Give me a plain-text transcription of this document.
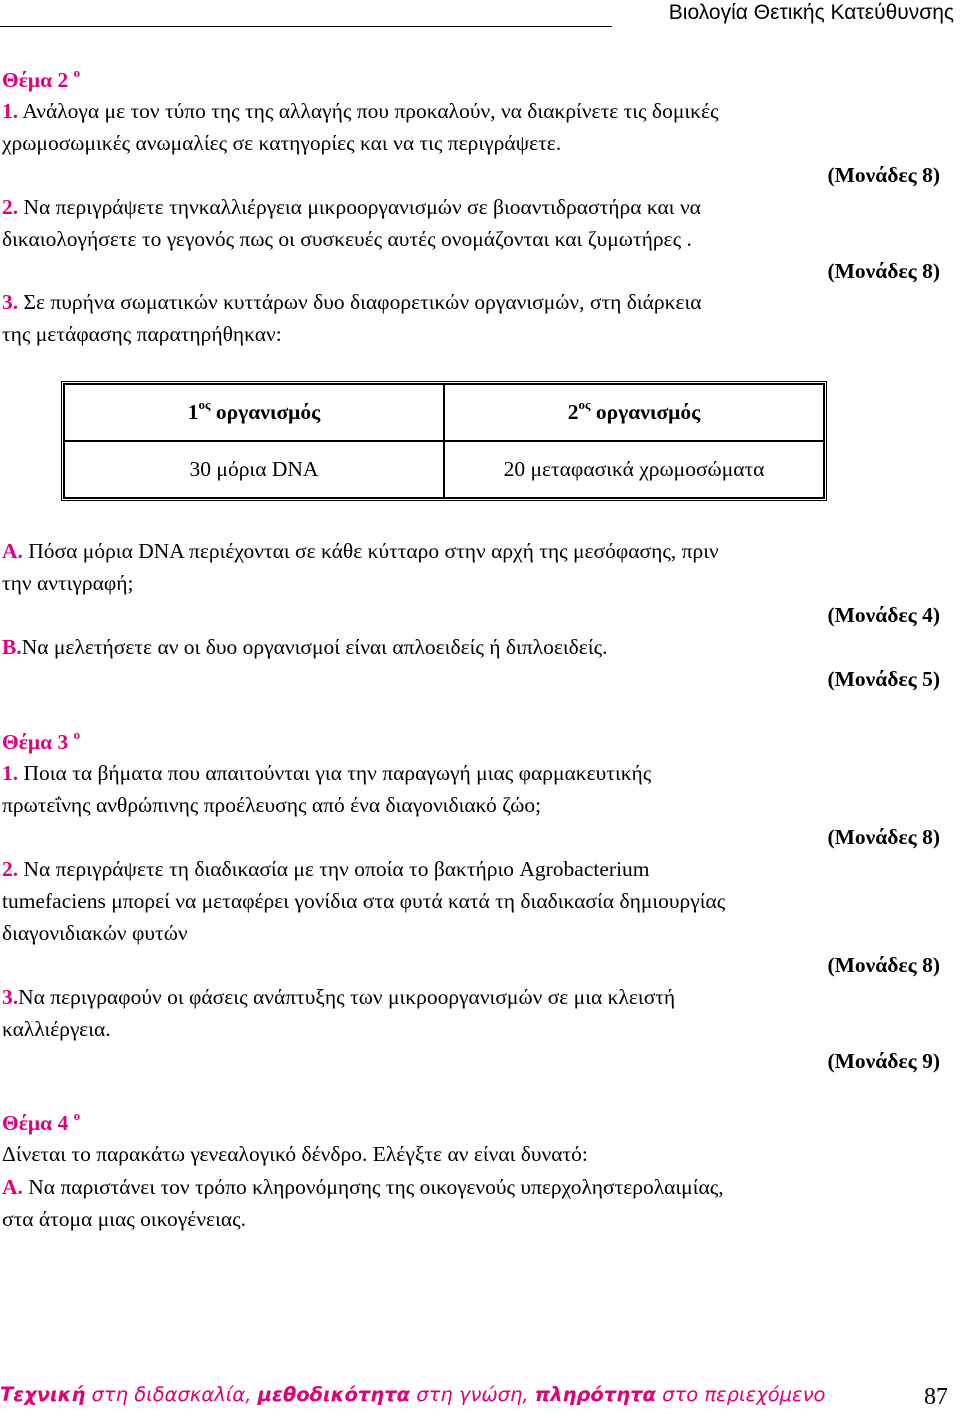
Βιολογία Θετικής Κατεύθυνσης
Θέμα 2 $^o$
1. Ανάλογα με τον τύπο της της αλλαγής που προκαλούν, να διακρίνετε τις δομικές
χρωμοσωμικές ανωμαλίες σε κατηγορίες και να τις περιγράψετε.
(Μονάδες 8)
2. Να περιγράψετε τηνκαλλιέργεια μικροοργανισμών σε βιοαντιδραστήρα και να
δικαιολογήσετε το γεγονός πως οι συσκευές αυτές ονομάζονται και ζυμωτήρες .
(Μονάδες 8)
3. Σε πυρήνα σωματικών κυττάρων δυο διαφορετικών οργανισμών, στη διάρκεια
της μετάφασης παρατηρήθηκαν:
$1^{o\varsigma}$ οργανισμός	$2^{o\varsigma}$ οργανισμός
30 μόρια DNA	20 μεταφασικά χρωμοσώματα
Α. Πόσα μόρια DNA περιέχονται σε κάθε κύτταρο στην αρχή της μεσόφασης, πριν
την αντιγραφή;
(Μονάδες 4)
Β.Να μελετήσετε αν οι δυο οργανισμοί είναι απλοειδείς ή διπλοειδείς.
(Μονάδες 5)
Θέμα 3 $^o$
1. Ποια τα βήματα που απαιτούνται για την παραγωγή μιας φαρμακευτικής
πρωτεΐνης ανθρώπινης προέλευσης από ένα διαγονιδιακό ζώο;
(Μονάδες 8)
2. Να περιγράψετε τη διαδικασία με την οποία το βακτήριο Agrobacterium
tumefaciens μπορεί να μεταφέρει γονίδια στα φυτά κατά τη διαδικασία δημιουργίας
διαγονιδιακών φυτών
(Μονάδες 8)
3.Να περιγραφούν οι φάσεις ανάπτυξης των μικροοργανισμών σε μια κλειστή
καλλιέργεια.
(Μονάδες 9)
Θέμα 4 $^o$
Δίνεται το παρακάτω γενεαλογικό δένδρο. Ελέγξτε αν είναι δυνατό:
Α. Να παριστάνει τον τρόπο κληρονόμησης της οικογενούς υπερχοληστερολαιμίας,
στα άτομα μιας οικογένειας.
Τεχνική στη διδασκαλία, μεθοδικότητα στη γνώση, πληρότητα στο περιεχόμενο	87
